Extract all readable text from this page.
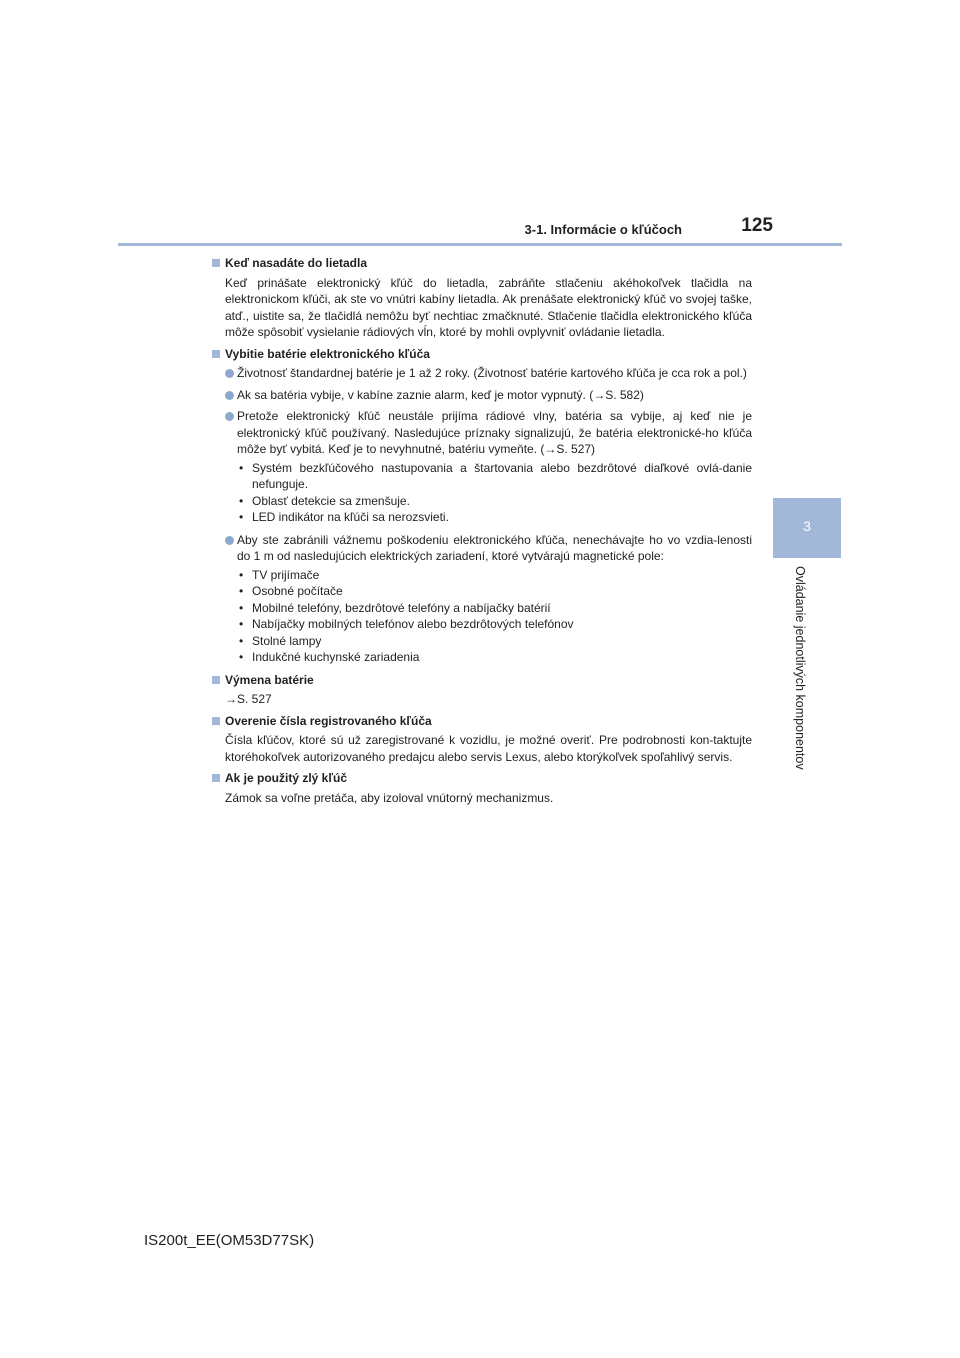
3-1. Informácie o kľúčoch	125
3
Ovládanie jednotlivých komponentov
Keď nasadáte do lietadla
Keď prinášate elektronický kľúč do lietadla, zabráňte stlačeniu akéhokoľvek tlačidla na elektronickom kľúči, ak ste vo vnútri kabíny lietadla. Ak prenášate elektronický kľúč vo svojej taške, atď., uistite sa, že tlačidlá nemôžu byť nechtiac zmačknuté. Stlačenie tlačidla elektronického kľúča môže spôsobiť vysielanie rádiových vĺn, ktoré by mohli ovplyvniť ovládanie lietadla.
Vybitie batérie elektronického kľúča
Životnosť štandardnej batérie je 1 až 2 roky. (Životnosť batérie kartového kľúča je cca rok a pol.)
Ak sa batéria vybije, v kabíne zaznie alarm, keď je motor vypnutý. (→S. 582)
Pretože elektronický kľúč neustále prijíma rádiové vlny, batéria sa vybije, aj keď nie je elektronický kľúč používaný. Nasledujúce príznaky signalizujú, že batéria elektronické-ho kľúča môže byť vybitá. Keď je to nevyhnutné, batériu vymeňte. (→S. 527)
• Systém bezkľúčového nastupovania a štartovania alebo bezdrôtové diaľkové ovlá-danie nefunguje.
• Oblasť detekcie sa zmenšuje.
• LED indikátor na kľúči sa nerozsvieti.
Aby ste zabránili vážnemu poškodeniu elektronického kľúča, nenechávajte ho vo vzdia-lenosti do 1 m od nasledujúcich elektrických zariadení, ktoré vytvárajú magnetické pole:
• TV prijímače
• Osobné počítače
• Mobilné telefóny, bezdrôtové telefóny a nabíjačky batérií
• Nabíjačky mobilných telefónov alebo bezdrôtových telefónov
• Stolné lampy
• Indukčné kuchynské zariadenia
Výmena batérie
→S. 527
Overenie čísla registrovaného kľúča
Čísla kľúčov, ktoré sú už zaregistrované k vozidlu, je možné overiť. Pre podrobnosti kon-taktujte ktoréhokoľvek autorizovaného predajcu alebo servis Lexus, alebo ktorýkoľvek spoľahlivý servis.
Ak je použitý zlý kľúč
Zámok sa voľne pretáča, aby izoloval vnútorný mechanizmus.
IS200t_EE(OM53D77SK)
